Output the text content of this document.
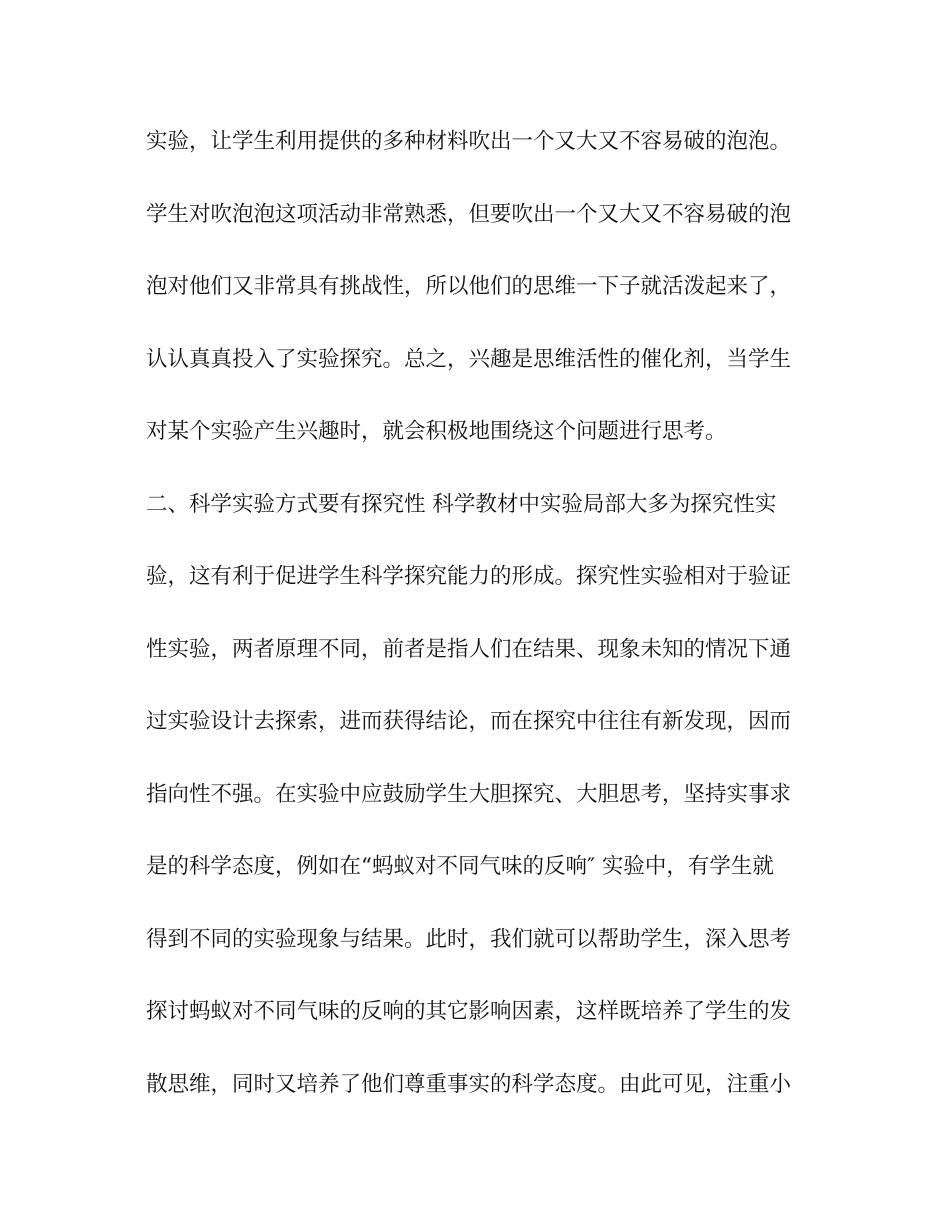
实验，让学生利用提供的多种材料吹出一个又大又不容易破的泡泡。
学生对吹泡泡这项活动非常熟悉，但要吹出一个又大又不容易破的泡
泡对他们又非常具有挑战性，所以他们的思维一下子就活泼起来了，
认认真真投入了实验探究。总之，兴趣是思维活性的催化剂，当学生
对某个实验产生兴趣时，就会积极地围绕这个问题进行思考。
二、科学实验方式要有探究性 科学教材中实验局部大多为探究性实
验，这有利于促进学生科学探究能力的形成。探究性实验相对于验证
性实验，两者原理不同，前者是指人们在结果、现象未知的情况下通
过实验设计去探索，进而获得结论，而在探究中往往有新发现，因而
指向性不强。在实验中应鼓励学生大胆探究、大胆思考，坚持实事求
是的科学态度，例如在“蚂蚁对不同气味的反响″ 实验中，有学生就
得到不同的实验现象与结果。此时，我们就可以帮助学生，深入思考
探讨蚂蚁对不同气味的反响的其它影响因素，这样既培养了学生的发
散思维，同时又培养了他们尊重事实的科学态度。由此可见，注重小
